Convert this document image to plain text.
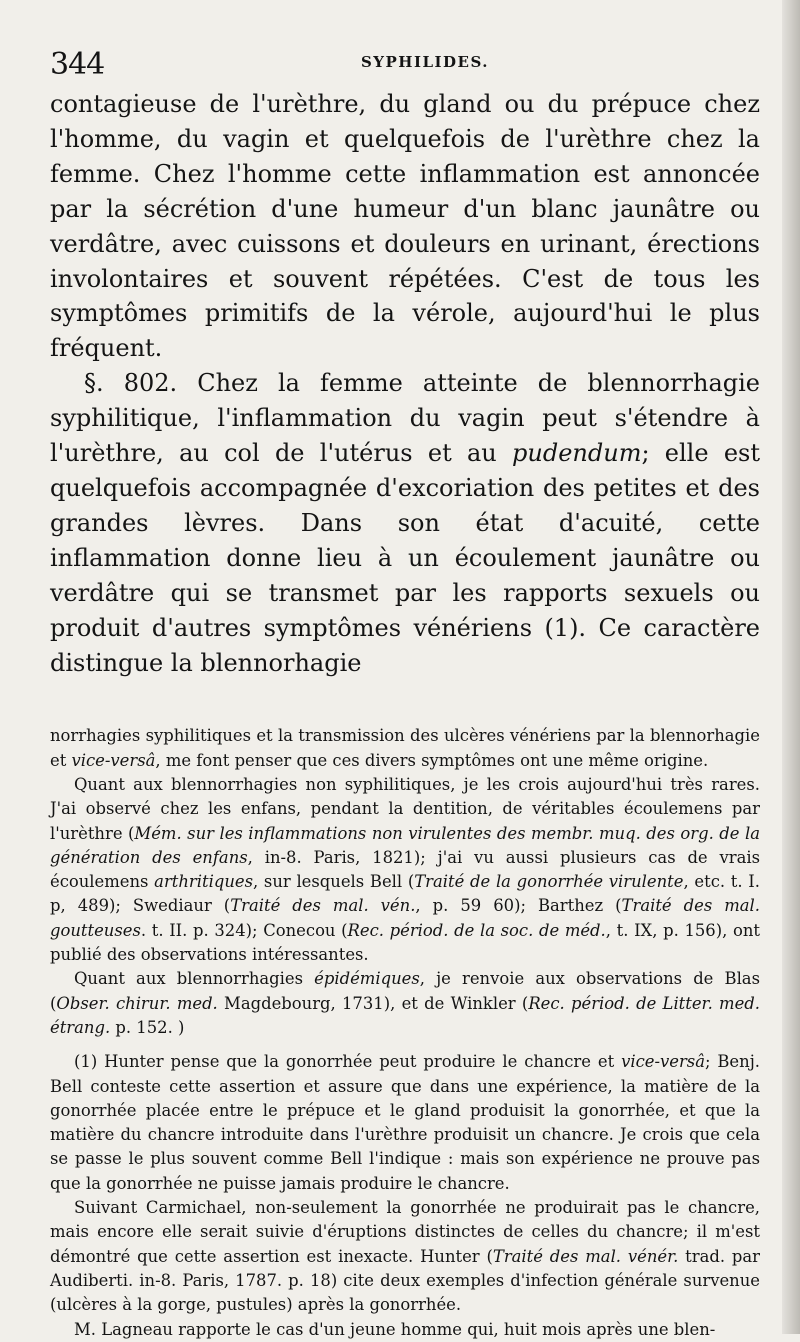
344	SYPHILIDES.

contagieuse de l'urèthre, du gland ou du prépuce chez l'homme, du vagin et quelquefois de l'urèthre chez la femme. Chez l'homme cette inflammation est annoncée par la sécrétion d'une humeur d'un blanc jaunâtre ou verdâtre, avec cuissons et douleurs en urinant, érections involontaires et souvent répétées. C'est de tous les symptômes primitifs de la vérole, aujourd'hui le plus fréquent.

§. 802. Chez la femme atteinte de blennorrhagie syphilitique, l'inflammation du vagin peut s'étendre à l'urèthre, au col de l'utérus et au pudendum; elle est quelquefois accompagnée d'excoriation des petites et des grandes lèvres. Dans son état d'acuité, cette inflammation donne lieu à un écoulement jaunâtre ou verdâtre qui se transmet par les rapports sexuels ou produit d'autres symptômes vénériens (1). Ce caractère distingue la blennorhagie

norrhagies syphilitiques et la transmission des ulcères vénériens par la blennorhagie et vice-versâ, me font penser que ces divers symptômes ont une même origine.

Quant aux blennorrhagies non syphilitiques, je les crois aujourd'hui très rares. J'ai observé chez les enfans, pendant la dentition, de véritables écoulemens par l'urèthre (Mém. sur les inflammations non virulentes des membr. muq. des org. de la génération des enfans, in-8. Paris, 1821); j'ai vu aussi plusieurs cas de vrais écoulemens arthritiques, sur lesquels Bell (Traité de la gonorrhée virulente, etc. t. I. p, 489); Swediaur (Traité des mal. vén., p. 59 60); Barthez (Traité des mal. goutteuses. t. II. p. 324); Conecou (Rec. périod. de la soc. de méd., t. IX, p. 156), ont publié des observations intéressantes.

Quant aux blennorrhagies épidémiques, je renvoie aux observations de Blas (Obser. chirur. med. Magdebourg, 1731), et de Winkler (Rec. périod. de Litter. med. étrang. p. 152. )

(1) Hunter pense que la gonorrhée peut produire le chancre et vice-versâ; Benj. Bell conteste cette assertion et assure que dans une expérience, la matière de la gonorrhée placée entre le prépuce et le gland produisit la gonorrhée, et que la matière du chancre introduite dans l'urèthre produisit un chancre. Je crois que cela se passe le plus souvent comme Bell l'indique : mais son expérience ne prouve pas que la gonorrhée ne puisse jamais produire le chancre.

Suivant Carmichael, non-seulement la gonorrhée ne produirait pas le chancre, mais encore elle serait suivie d'éruptions distinctes de celles du chancre; il m'est démontré que cette assertion est inexacte. Hunter (Traité des mal. vénér. trad. par Audiberti. in-8. Paris, 1787. p. 18) cite deux exemples d'infection générale survenue (ulcères à la gorge, pustules) après la gonorrhée.

M. Lagneau rapporte le cas d'un jeune homme qui, huit mois après une blen-
